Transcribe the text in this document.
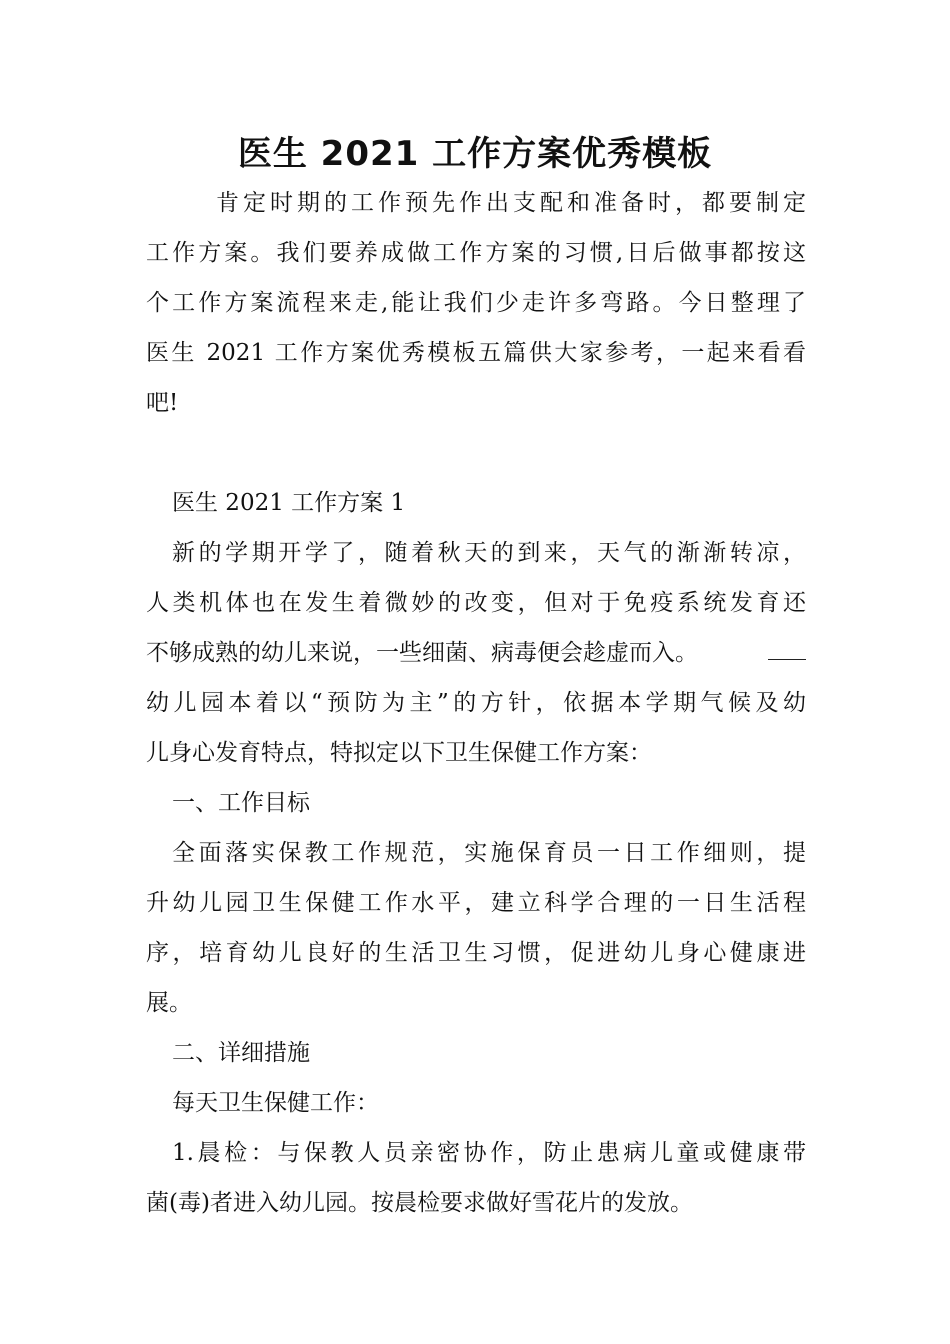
医生 2021 工作方案优秀模板

肯定时期的工作预先作出支配和准备时，都要制定

工作方案。我们要养成做工作方案的习惯,日后做事都按这

个工作方案流程来走,能让我们少走许多弯路。今日整理了

医生 2021 工作方案优秀模板五篇供大家参考，一起来看看

吧!

医生 2021 工作方案 1

新的学期开学了，随着秋天的到来，天气的渐渐转凉，

人类机体也在发生着微妙的改变，但对于免疫系统发育还

不够成熟的幼儿来说，一些细菌、病毒便会趁虚而入。

幼儿园本着以“预防为主”的方针，依据本学期气候及幼

儿身心发育特点，特拟定以下卫生保健工作方案：

一、工作目标

全面落实保教工作规范，实施保育员一日工作细则，提

升幼儿园卫生保健工作水平，建立科学合理的一日生活程

序，培育幼儿良好的生活卫生习惯，促进幼儿身心健康进

展。

二、详细措施

每天卫生保健工作：

1.晨检：与保教人员亲密协作，防止患病儿童或健康带

菌(毒)者进入幼儿园。按晨检要求做好雪花片的发放。
